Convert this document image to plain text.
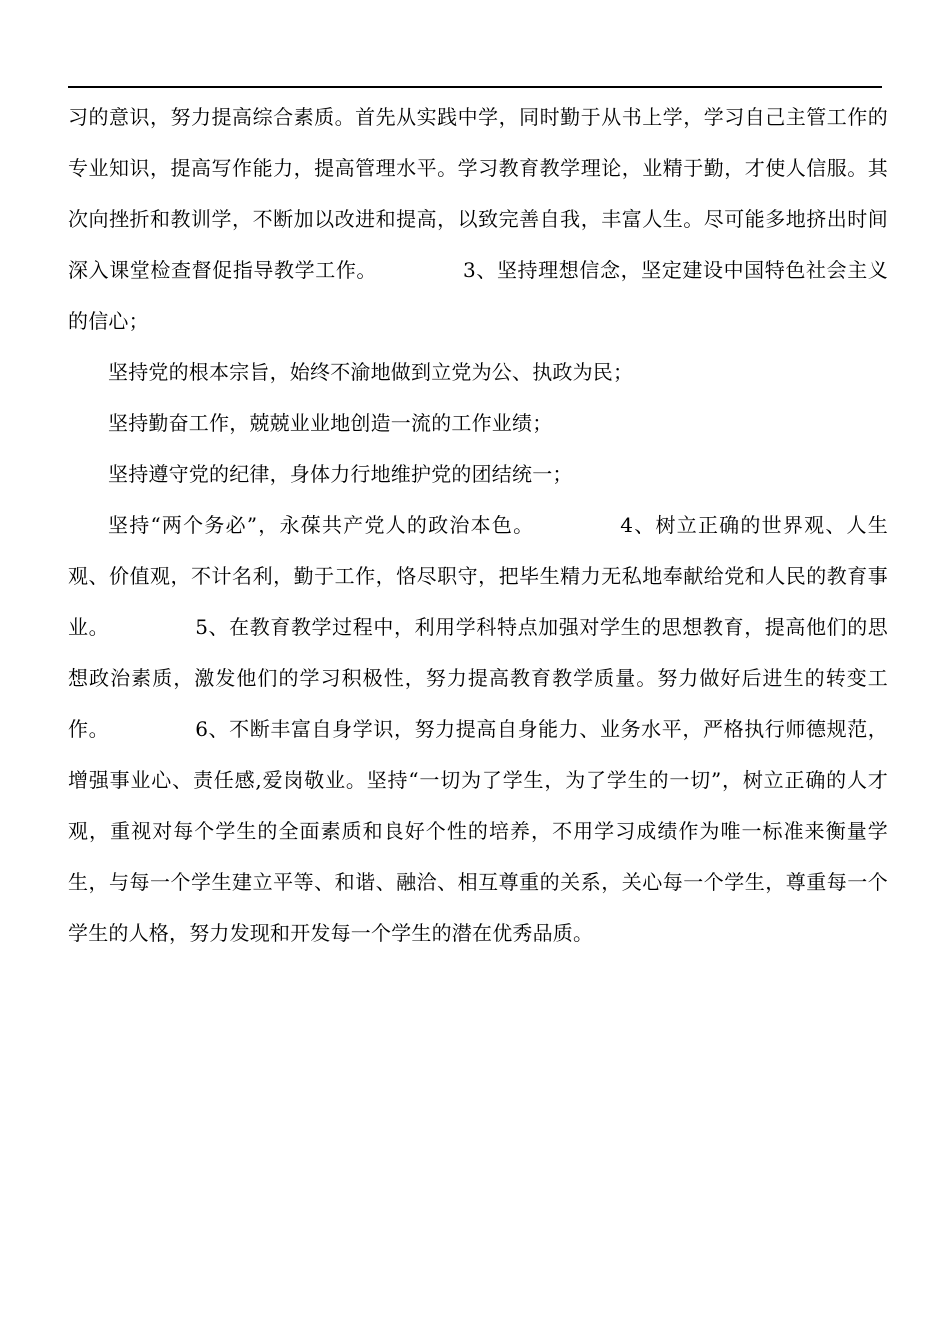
习的意识，努力提高综合素质。首先从实践中学，同时勤于从书上学，学习自己主管工作的专业知识，提高写作能力，提高管理水平。学习教育教学理论，业精于勤，才使人信服。其次向挫折和教训学，不断加以改进和提高，以致完善自我，丰富人生。尽可能多地挤出时间深入课堂检查督促指导教学工作。	3、坚持理想信念，坚定建设中国特色社会主义的信心；

坚持党的根本宗旨，始终不渝地做到立党为公、执政为民；

坚持勤奋工作，兢兢业业地创造一流的工作业绩；

坚持遵守党的纪律，身体力行地维护党的团结统一；

坚持“两个务必”，永葆共产党人的政治本色。	4、树立正确的世界观、人生观、价值观，不计名利，勤于工作，恪尽职守，把毕生精力无私地奉献给党和人民的教育事业。	5、在教育教学过程中，利用学科特点加强对学生的思想教育，提高他们的思想政治素质，激发他们的学习积极性，努力提高教育教学质量。努力做好后进生的转变工作。	6、不断丰富自身学识，努力提高自身能力、业务水平，严格执行师德规范，增强事业心、责任感,爱岗敬业。坚持“一切为了学生，为了学生的一切”，树立正确的人才观，重视对每个学生的全面素质和良好个性的培养，不用学习成绩作为唯一标准来衡量学生，与每一个学生建立平等、和谐、融洽、相互尊重的关系，关心每一个学生，尊重每一个学生的人格，努力发现和开发每一个学生的潜在优秀品质。
